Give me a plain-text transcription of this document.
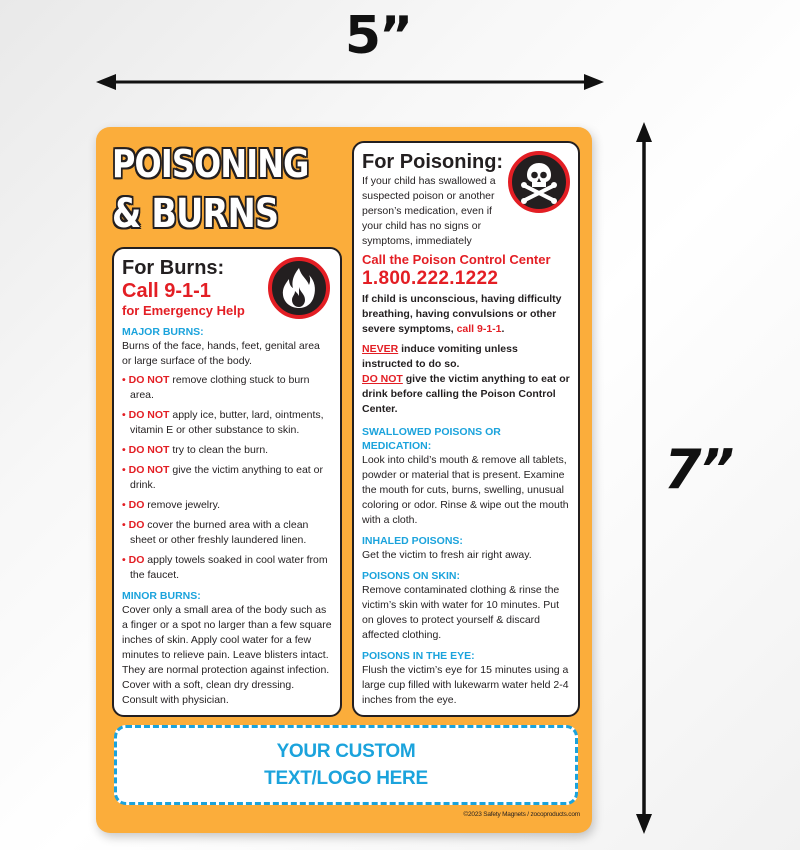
5”
7”
POISONING
& BURNS
For Burns:
Call 9-1-1
for Emergency Help
MAJOR BURNS:
Burns of the face, hands, feet, genital area or large surface of the body.
• DO NOT remove clothing stuck to burn area.
• DO NOT apply ice, butter, lard, ointments, vitamin E or other substance to skin.
• DO NOT try to clean the burn.
• DO NOT give the victim anything to eat or drink.
• DO remove jewelry.
• DO cover the burned area with a clean sheet or other freshly laundered linen.
• DO apply towels soaked in cool water from the faucet.
MINOR BURNS:
Cover only a small area of the body such as a finger or a spot no larger than a few square inches of skin. Apply cool water for a few minutes to relieve pain. Leave blisters intact. They are normal protection against infection. Cover with a soft, clean dry dressing. Consult with physician.
For Poisoning:
If your child has swallowed a suspected poison or another person’s medication, even if your child has no signs or symptoms, immediately
Call the Poison Control Center
1.800.222.1222
If child is unconscious, having difficulty breathing, having convulsions or other severe symptoms, call 9-1-1.
NEVER induce vomiting unless instructed to do so.
DO NOT give the victim anything to eat or drink before calling the Poison Control Center.
SWALLOWED POISONS OR MEDICATION:
Look into child’s mouth & remove all tablets, powder or material that is present. Examine the mouth for cuts, burns, swelling, unusual coloring or odor. Rinse & wipe out the mouth with a cloth.
INHALED POISONS:
Get the victim to fresh air right away.
POISONS ON SKIN:
Remove contaminated clothing & rinse the victim’s skin with water for 10 minutes. Put on gloves to protect yourself & discard affected clothing.
POISONS IN THE EYE:
Flush the victim’s eye for 15 minutes using a large cup filled with lukewarm water held 2-4 inches from the eye.
YOUR CUSTOM
TEXT/LOGO HERE
©2023 Safety Magnets / zocoproducts.com
